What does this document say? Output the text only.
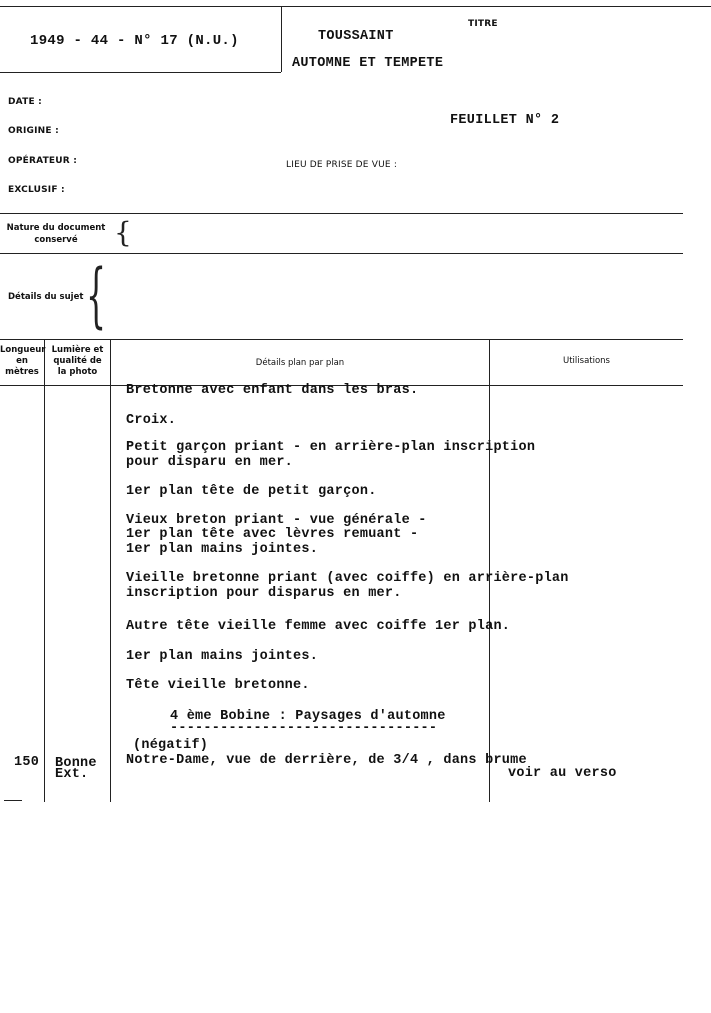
1949 - 44 - N° 17 (N.U.)
TITRE
TOUSSAINT
AUTOMNE ET TEMPETE
DATE :
ORIGINE :
OPÉRATEUR :
EXCLUSIF :
LIEU DE PRISE DE VUE :
FEUILLET N° 2
Nature du document
conservé	{
Détails du sujet {
Longueur
en
mètres
Lumière et
qualité de
la photo
Détails plan par plan	Utilisations
Bretonne avec enfant dans les bras.
Croix.
Petit garçon priant - en arrière-plan inscription
pour disparu en mer.
1er plan tête de petit garçon.
Vieux breton priant - vue générale -
1er plan tête avec lèvres remuant -
1er plan mains jointes.
Vieille bretonne priant (avec coiffe) en arrière-plan
inscription pour disparus en mer.
Autre tête vieille femme avec coiffe 1er plan.
1er plan mains jointes.
Tête vieille bretonne.
4 ème Bobine : Paysages d'automne
--------------------------------
(négatif)
150 Bonne
Ext.
Notre-Dame, vue de derrière, de 3/4 , dans brume
voir au verso
